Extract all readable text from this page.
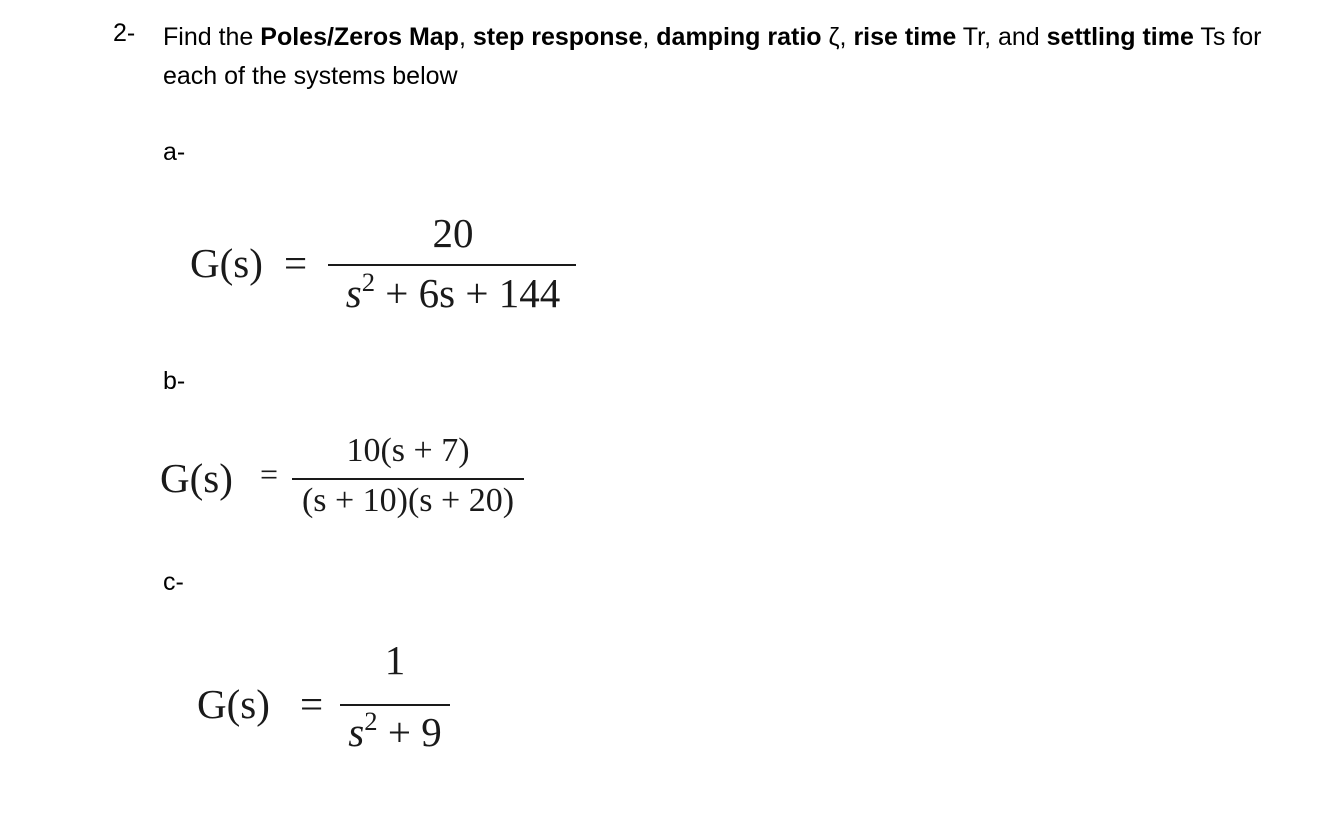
2- Find the Poles/Zeros Map, step response, damping ratio ζ, rise time Tr, and settling time Ts for
each of the systems below
a-
G(s) =
20
$s^2 + 6s + 144$
b-
G(s) =
10(s + 7)
(s + 10)(s + 20)
c-
G(s) =
1
$s^2 + 9$
